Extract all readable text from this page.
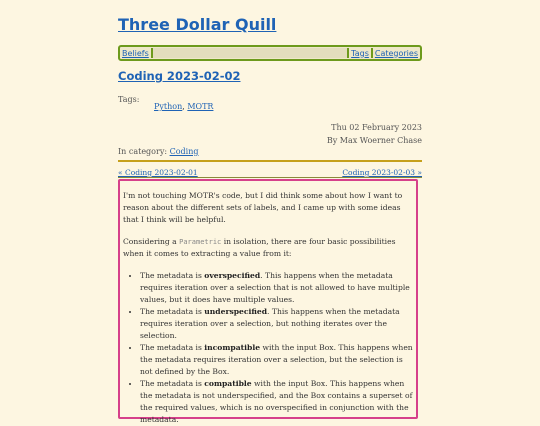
Three Dollar Quill
Beliefs	Tags Categories
Coding 2023-02-02
Tags:
Python, MOTR
Thu 02 February 2023
By Max Woerner Chase
In category: Coding
« Coding 2023-02-01	Coding 2023-02-03 »

I'm not touching MOTR's code, but I did think some about how I want to reason about the different sets of labels, and I came up with some ideas that I think will be helpful.

Considering a Parametric in isolation, there are four basic possibilities when it comes to extracting a value from it:

• The metadata is overspecified. This happens when the metadata requires iteration over a selection that is not allowed to have multiple values, but it does have multiple values.
• The metadata is underspecified. This happens when the metadata requires iteration over a selection, but nothing iterates over the selection.
• The metadata is incompatible with the input Box. This happens when the metadata requires iteration over a selection, but the selection is not defined by the Box.
• The metadata is compatible with the input Box. This happens when the metadata is not underspecified, and the Box contains a superset of the required values, which is no overspecified in conjunction with the metadata.
